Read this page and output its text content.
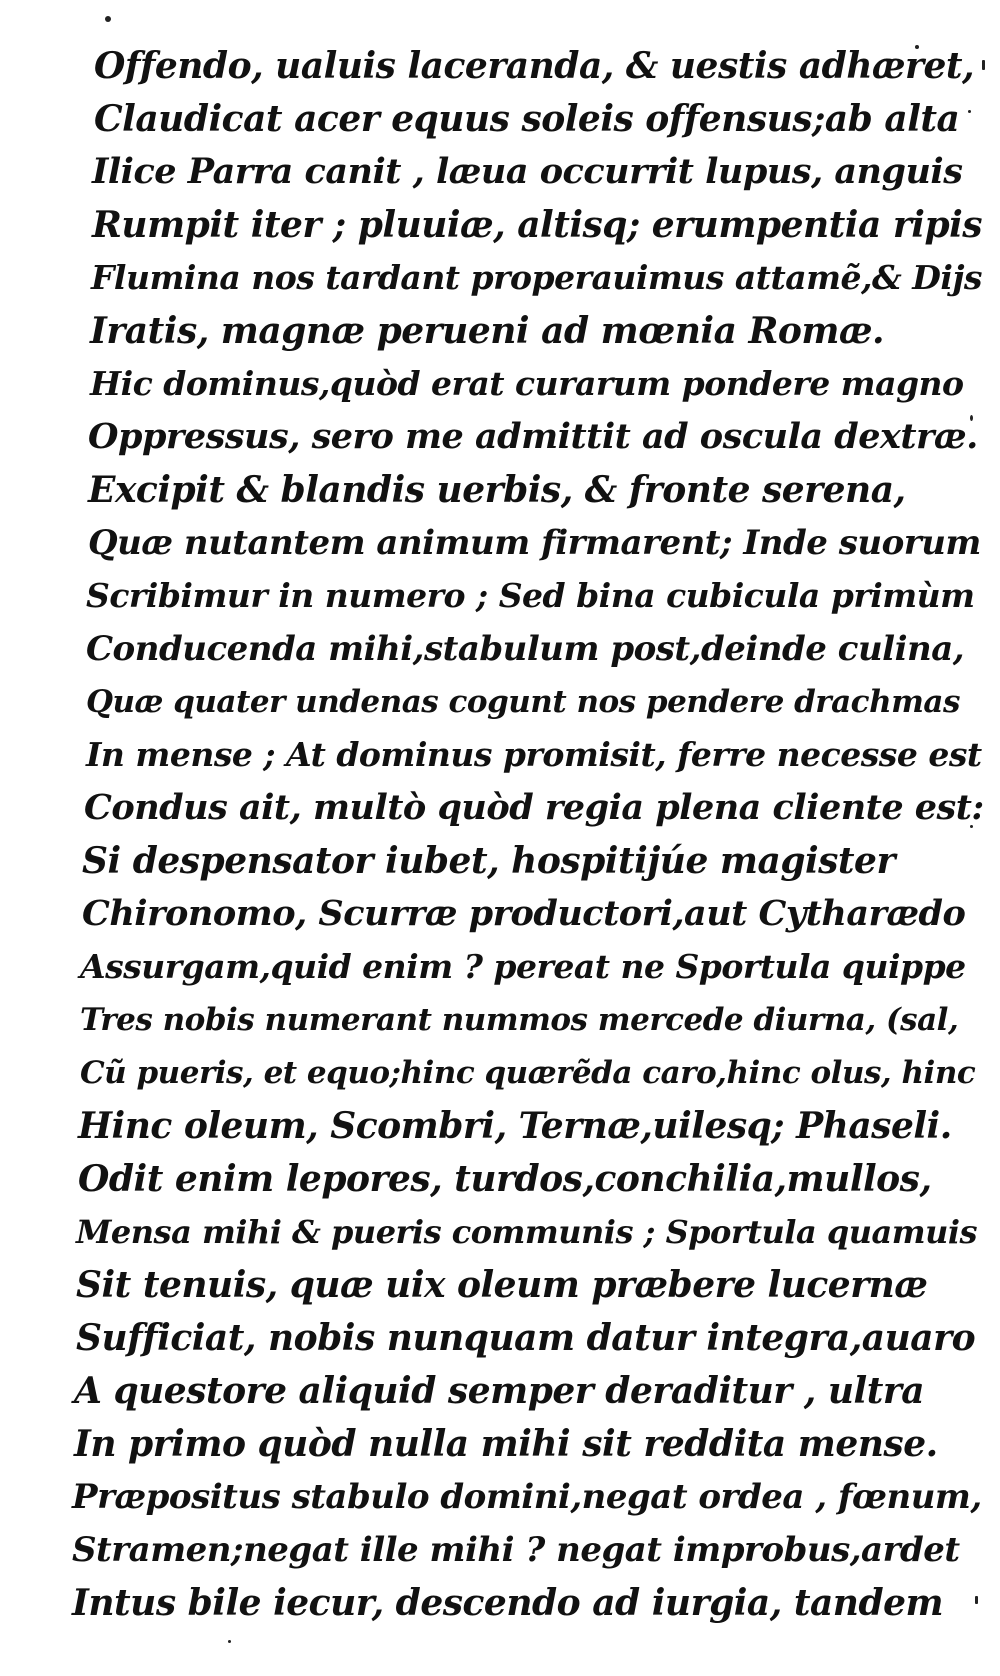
Offendo, ualuis laceranda, & uestis adhæret,
Claudicat acer equus soleis offensus;ab alta
Ilice Parra canit , læua occurrit lupus, anguis
Rumpit iter ; pluuiæ, altisq; erumpentia ripis
Flumina nos tardant properauimus attamẽ,& Dijs
Iratis, magnæ perueni ad mœnia Romæ.
Hic dominus,quòd erat curarum pondere magno
Oppressus, sero me admittit ad oscula dextræ.
Excipit & blandis uerbis, & fronte serena,
Quæ nutantem animum firmarent; Inde suorum
Scribimur in numero ; Sed bina cubicula primùm
Conducenda mihi,stabulum post,deinde culina,
Quæ quater undenas cogunt nos pendere drachmas
In mense ; At dominus promisit, ferre necesse est
Condus ait, multò quòd regia plena cliente est:
Si despensator iubet, hospitijúe magister
Chironomo, Scurræ productori,aut Cytharædo
Assurgam,quid enim ? pereat ne Sportula quippe
Tres nobis numerant nummos mercede diurna, (sal,
Cũ pueris, et equo;hinc quærẽda caro,hinc olus, hinc
Hinc oleum, Scombri, Ternæ,uilesq; Phaseli.
Odit enim lepores, turdos,conchilia,mullos,
Mensa mihi & pueris communis ; Sportula quamuis
Sit tenuis, quæ uix oleum præbere lucernæ
Sufficiat, nobis nunquam datur integra,auaro
A questore aliquid semper deraditur , ultra
In primo quòd nulla mihi sit reddita mense.
Præpositus stabulo domini,negat ordea , fœnum,
Stramen;negat ille mihi ? negat improbus,ardet
Intus bile iecur, descendo ad iurgia, tandem
